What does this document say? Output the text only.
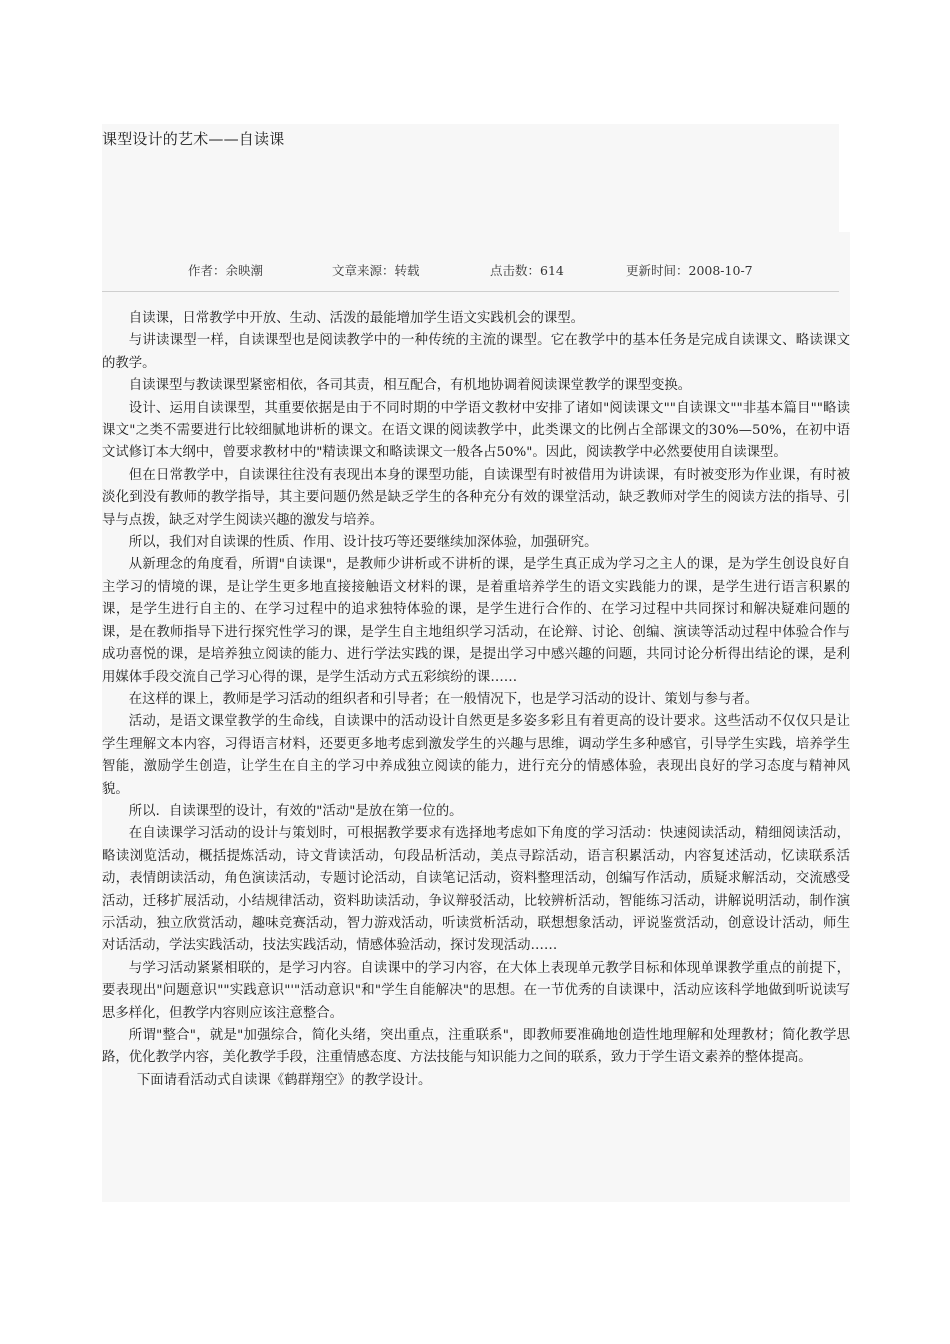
课型设计的艺术——自读课
作者：余映潮	文章来源：转载	点击数：614	更新时间：2008-10-7

自读课，日常教学中开放、生动、活泼的最能增加学生语文实践机会的课型。

与讲读课型一样，自读课型也是阅读教学中的一种传统的主流的课型。它在教学中的基本任务是完成自读课文、略读课文的教学。

自读课型与教读课型紧密相依，各司其责，相互配合，有机地协调着阅读课堂教学的课型变换。

设计、运用自读课型，其重要依据是由于不同时期的中学语文教材中安排了诸如"阅读课文""自读课文""非基本篇目""略读课文"之类不需要进行比较细腻地讲析的课文。在语文课的阅读教学中，此类课文的比例占全部课文的30%—50%，在初中语文试修订本大纲中，曾要求教材中的"精读课文和略读课文一般各占50%"。因此，阅读教学中必然要使用自读课型。

但在日常教学中，自读课往往没有表现出本身的课型功能，自读课型有时被借用为讲读课，有时被变形为作业课，有时被淡化到没有教师的教学指导，其主要问题仍然是缺乏学生的各种充分有效的课堂活动，缺乏教师对学生的阅读方法的指导、引导与点拨，缺乏对学生阅读兴趣的激发与培养。

所以，我们对自读课的性质、作用、设计技巧等还要继续加深体验，加强研究。

从新理念的角度看，所谓"自读课"，是教师少讲析或不讲析的课，是学生真正成为学习之主人的课，是为学生创设良好自主学习的情境的课，是让学生更多地直接接触语文材料的课，是着重培养学生的语文实践能力的课，是学生进行语言积累的课，是学生进行自主的、在学习过程中的追求独特体验的课，是学生进行合作的、在学习过程中共同探讨和解决疑难问题的课，是在教师指导下进行探究性学习的课，是学生自主地组织学习活动，在论辩、讨论、创编、演读等活动过程中体验合作与成功喜悦的课，是培养独立阅读的能力、进行学法实践的课，是提出学习中感兴趣的问题，共同讨论分析得出结论的课，是利用媒体手段交流自己学习心得的课，是学生活动方式五彩缤纷的课……

在这样的课上，教师是学习活动的组织者和引导者；在一般情况下，也是学习活动的设计、策划与参与者。

活动，是语文课堂教学的生命线，自读课中的活动设计自然更是多姿多彩且有着更高的设计要求。这些活动不仅仅只是让学生理解文本内容，习得语言材料，还要更多地考虑到激发学生的兴趣与思维，调动学生多种感官，引导学生实践，培养学生智能，激励学生创造，让学生在自主的学习中养成独立阅读的能力，进行充分的情感体验，表现出良好的学习态度与精神风貌。

所以．自读课型的设计，有效的"活动"是放在第一位的。

在自读课学习活动的设计与策划时，可根据教学要求有选择地考虑如下角度的学习活动：快速阅读活动，精细阅读活动，略读浏览活动，概括提炼活动，诗文背读活动，句段品析活动，美点寻踪活动，语言积累活动，内容复述活动，忆读联系活动，表情朗读活动，角色演读活动，专题讨论活动，自读笔记活动，资料整理活动，创编写作活动，质疑求解活动，交流感受活动，迁移扩展活动，小结规律活动，资料助读活动，争议辩驳活动，比较辨析活动，智能练习活动，讲解说明活动，制作演示活动，独立欣赏活动，趣味竞赛活动，智力游戏活动，听读赏析活动，联想想象活动，评说鉴赏活动，创意设计活动，师生对话活动，学法实践活动，技法实践活动，情感体验活动，探讨发现活动……

与学习活动紧紧相联的，是学习内容。自读课中的学习内容，在大体上表现单元教学目标和体现单课教学重点的前提下，要表现出"问题意识""实践意识"'"活动意识"和"学生自能解决"的思想。在一节优秀的自读课中，活动应该科学地做到听说读写思多样化，但教学内容则应该注意整合。

所谓"整合"，就是"加强综合，简化头绪，突出重点，注重联系"，即教师要准确地创造性地理解和处理教材；简化教学思路，优化教学内容，美化教学手段，注重情感态度、方法技能与知识能力之间的联系，致力于学生语文素养的整体提高。

下面请看活动式自读课《鹤群翔空》的教学设计。
